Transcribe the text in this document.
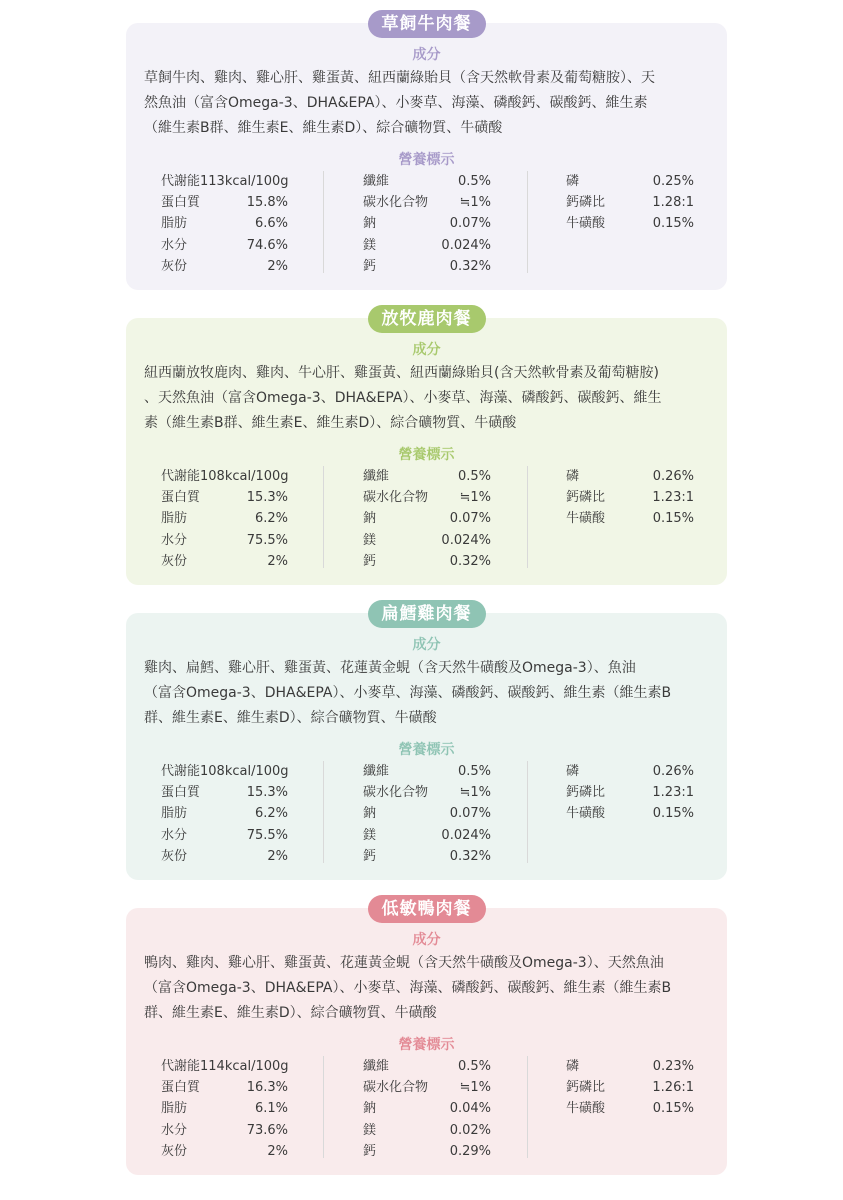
草飼牛肉餐
成分
草飼牛肉、雞肉、雞心肝、雞蛋黃、紐西蘭綠貽貝（含天然軟骨素及葡萄糖胺）、天
然魚油（富含Omega-3、DHA&EPA）、小麥草、海藻、磷酸鈣、碳酸鈣、維生素
（維生素B群、維生素E、維生素D）、綜合礦物質、牛磺酸
營養標示
代謝能113kcal/100g
蛋白質	15.8%
脂肪	6.6%
水分	74.6%
灰份	2%
纖維	0.5%
碳水化合物 ≒1%
鈉	0.07%
鎂	0.024%
鈣	0.32%
磷	0.25%
鈣磷比	1.28:1
牛磺酸	0.15%
放牧鹿肉餐
成分
紐西蘭放牧鹿肉、雞肉、牛心肝、雞蛋黃、紐西蘭綠貽貝(含天然軟骨素及葡萄糖胺)
、天然魚油（富含Omega-3、DHA&EPA）、小麥草、海藻、磷酸鈣、碳酸鈣、維生
素（維生素B群、維生素E、維生素D）、綜合礦物質、牛磺酸
營養標示
代謝能108kcal/100g
蛋白質	15.3%
脂肪	6.2%
水分	75.5%
灰份	2%
纖維	0.5%
碳水化合物 ≒1%
鈉	0.07%
鎂	0.024%
鈣	0.32%
磷	0.26%
鈣磷比	1.23:1
牛磺酸	0.15%
扁鱈雞肉餐
成分
雞肉、扁鱈、雞心肝、雞蛋黃、花蓮黃金蜆（含天然牛磺酸及Omega-3）、魚油
（富含Omega-3、DHA&EPA）、小麥草、海藻、磷酸鈣、碳酸鈣、維生素（維生素B
群、維生素E、維生素D）、綜合礦物質、牛磺酸
營養標示
代謝能108kcal/100g
蛋白質	15.3%
脂肪	6.2%
水分	75.5%
灰份	2%
纖維	0.5%
碳水化合物 ≒1%
鈉	0.07%
鎂	0.024%
鈣	0.32%
磷	0.26%
鈣磷比	1.23:1
牛磺酸	0.15%
低敏鴨肉餐
成分
鴨肉、雞肉、雞心肝、雞蛋黃、花蓮黃金蜆（含天然牛磺酸及Omega-3）、天然魚油
（富含Omega-3、DHA&EPA）、小麥草、海藻、磷酸鈣、碳酸鈣、維生素（維生素B
群、維生素E、維生素D）、綜合礦物質、牛磺酸
營養標示
代謝能114kcal/100g
蛋白質	16.3%
脂肪	6.1%
水分	73.6%
灰份	2%
纖維	0.5%
碳水化合物 ≒1%
鈉	0.04%
鎂	0.02%
鈣	0.29%
磷	0.23%
鈣磷比	1.26:1
牛磺酸	0.15%
